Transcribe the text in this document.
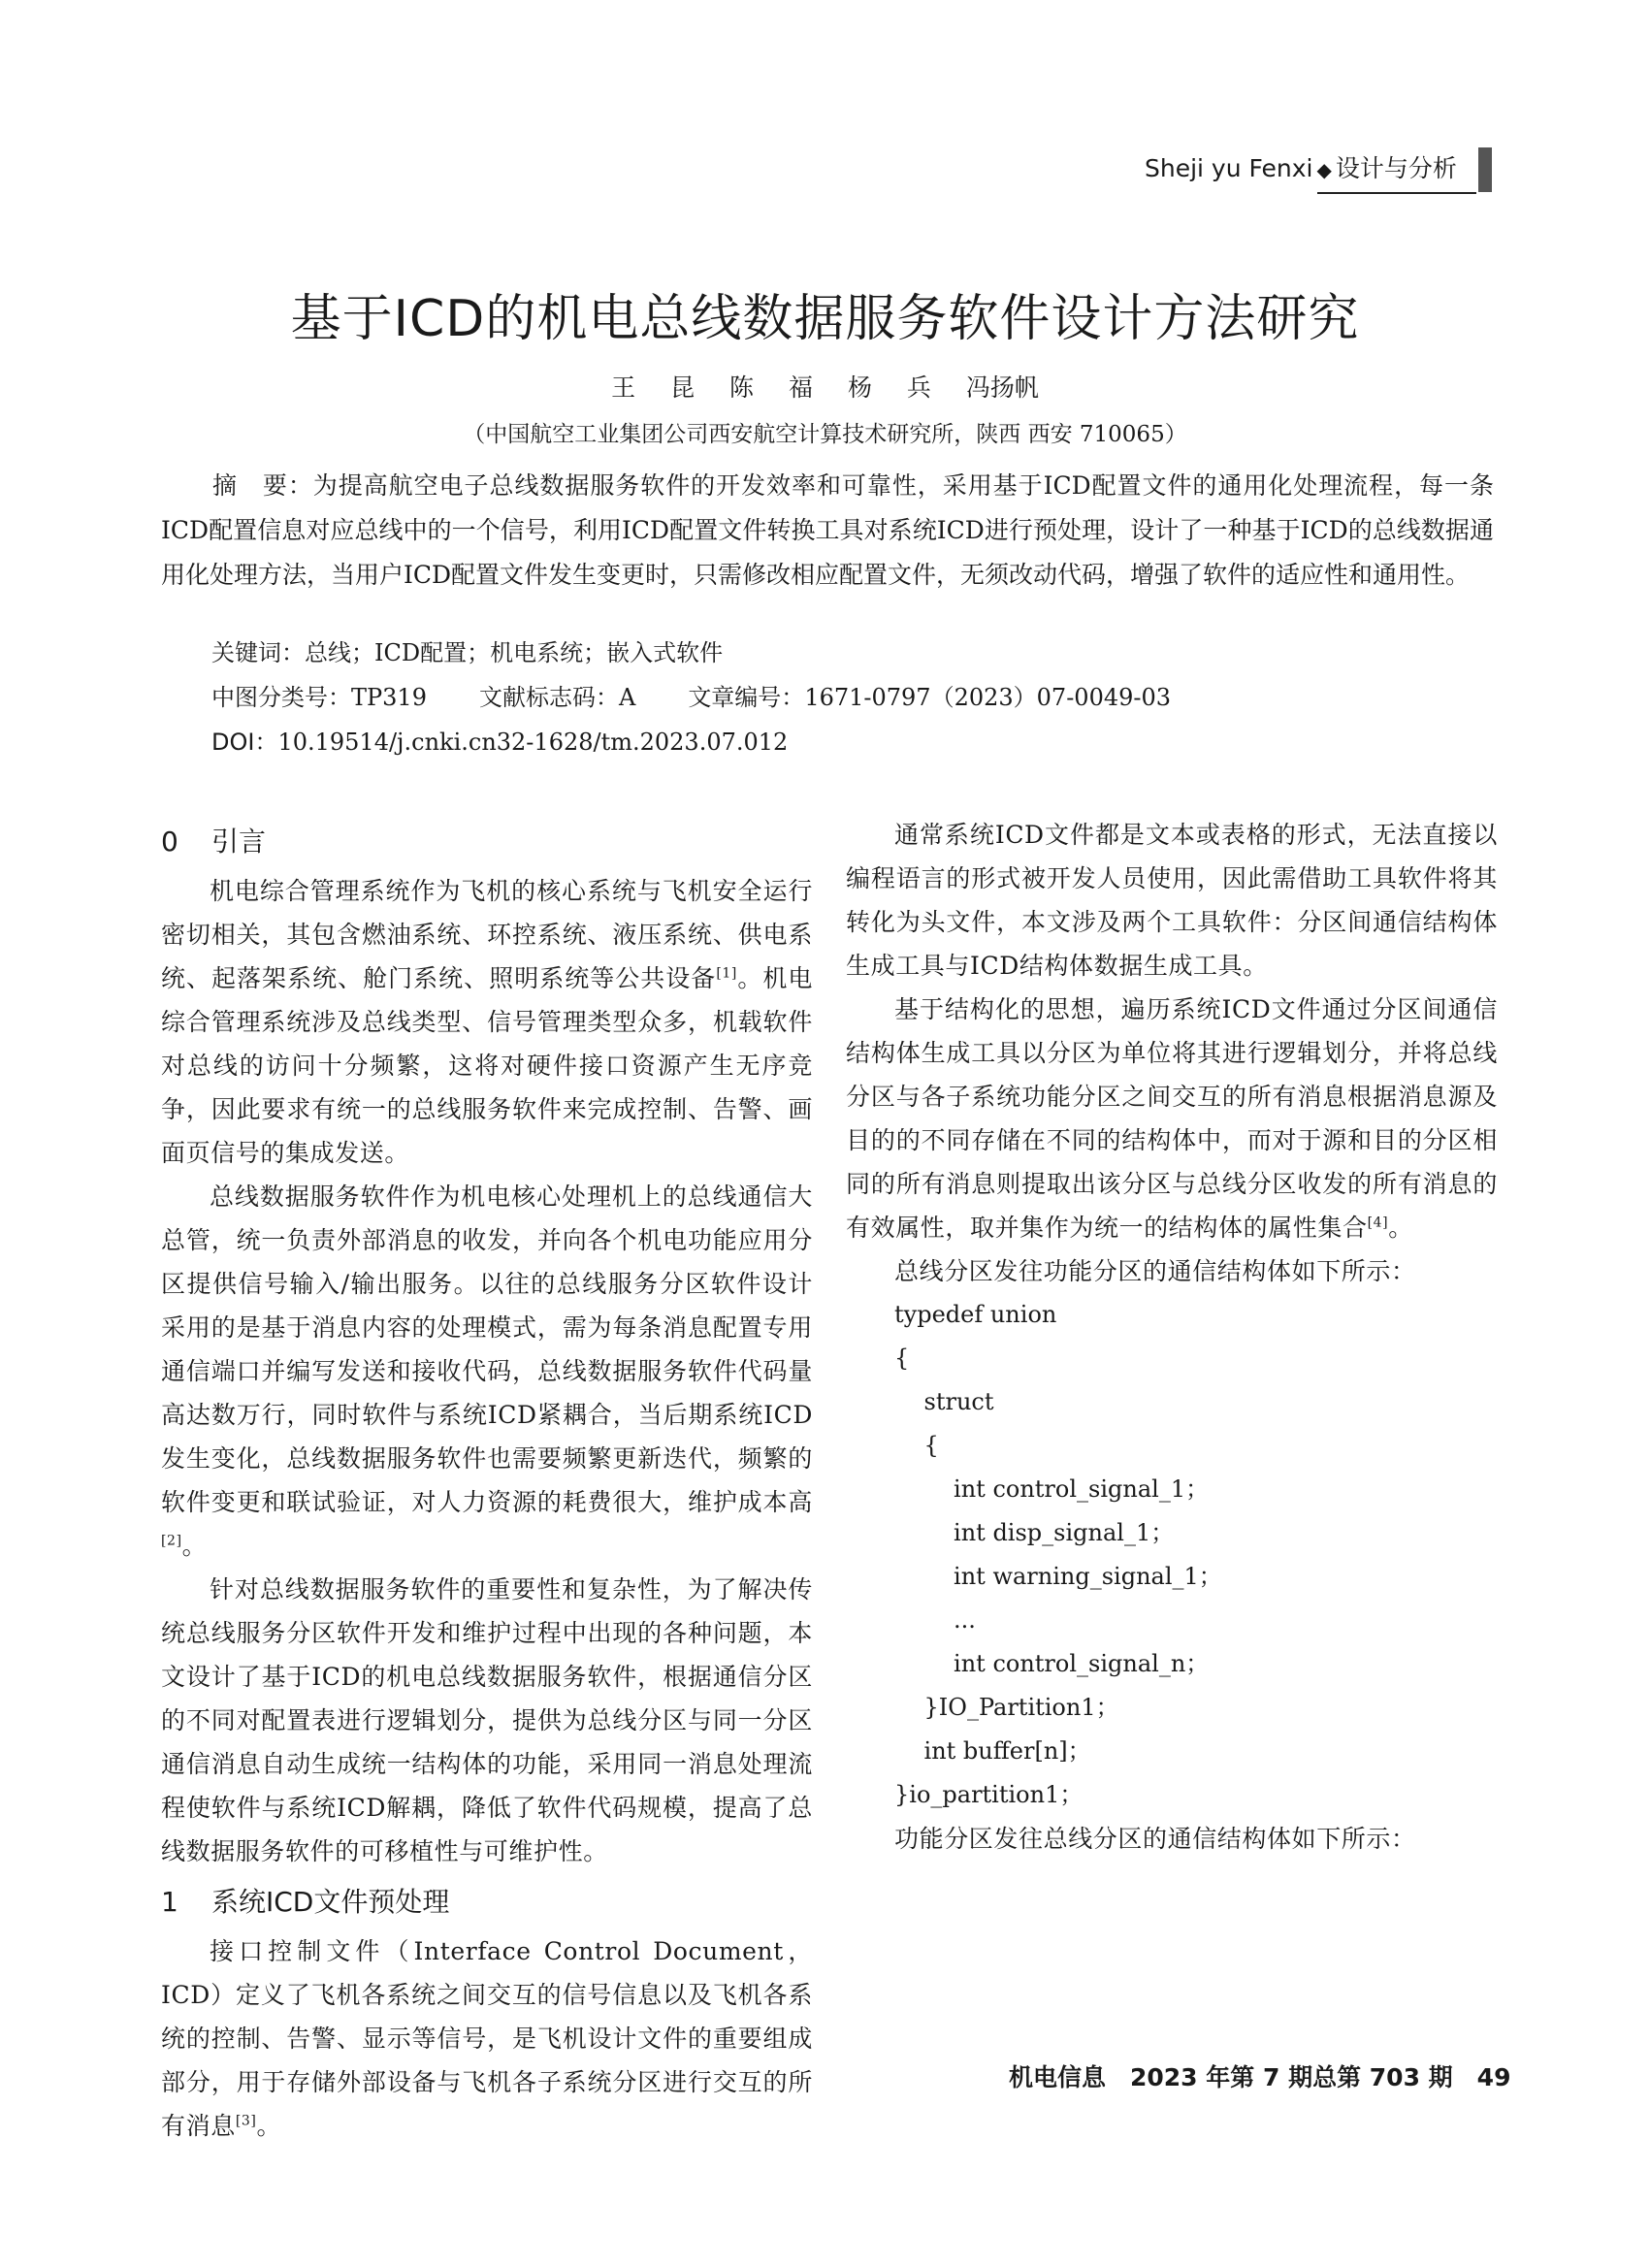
Sheji yu Fenxi ◆ 设计与分析
基于ICD的机电总线数据服务软件设计方法研究
王 昆 陈 福 杨 兵 冯扬帆
（中国航空工业集团公司西安航空计算技术研究所，陕西 西安 710065）
摘　要：为提高航空电子总线数据服务软件的开发效率和可靠性，采用基于ICD配置文件的通用化处理流程，每一条ICD配置信息对应总线中的一个信号，利用ICD配置文件转换工具对系统ICD进行预处理，设计了一种基于ICD的总线数据通用化处理方法，当用户ICD配置文件发生变更时，只需修改相应配置文件，无须改动代码，增强了软件的适应性和通用性。
关键词：总线；ICD配置；机电系统；嵌入式软件
中图分类号：TP319 文献标志码：A 文章编号：1671-0797（2023）07-0049-03
DOI：10.19514/j.cnki.cn32-1628/tm.2023.07.012
0 引言

机电综合管理系统作为飞机的核心系统与飞机安全运行密切相关，其包含燃油系统、环控系统、液压系统、供电系统、起落架系统、舱门系统、照明系统等公共设备[1]。机电综合管理系统涉及总线类型、信号管理类型众多，机载软件对总线的访问十分频繁，这将对硬件接口资源产生无序竞争，因此要求有统一的总线服务软件来完成控制、告警、画面页信号的集成发送。

总线数据服务软件作为机电核心处理机上的总线通信大总管，统一负责外部消息的收发，并向各个机电功能应用分区提供信号输入/输出服务。以往的总线服务分区软件设计采用的是基于消息内容的处理模式，需为每条消息配置专用通信端口并编写发送和接收代码，总线数据服务软件代码量高达数万行，同时软件与系统ICD紧耦合，当后期系统ICD发生变化，总线数据服务软件也需要频繁更新迭代，频繁的软件变更和联试验证，对人力资源的耗费很大，维护成本高[2]。

针对总线数据服务软件的重要性和复杂性，为了解决传统总线服务分区软件开发和维护过程中出现的各种问题，本文设计了基于ICD的机电总线数据服务软件，根据通信分区的不同对配置表进行逻辑划分，提供为总线分区与同一分区通信消息自动生成统一结构体的功能，采用同一消息处理流程使软件与系统ICD解耦，降低了软件代码规模，提高了总线数据服务软件的可移植性与可维护性。

1 系统ICD文件预处理

接口控制文件（Interface Control Document，ICD）定义了飞机各系统之间交互的信号信息以及飞机各系统的控制、告警、显示等信号，是飞机设计文件的重要组成部分，用于存储外部设备与飞机各子系统分区进行交互的所有消息[3]。

通常系统ICD文件都是文本或表格的形式，无法直接以编程语言的形式被开发人员使用，因此需借助工具软件将其转化为头文件，本文涉及两个工具软件：分区间通信结构体生成工具与ICD结构体数据生成工具。

基于结构化的思想，遍历系统ICD文件通过分区间通信结构体生成工具以分区为单位将其进行逻辑划分，并将总线分区与各子系统功能分区之间交互的所有消息根据消息源及目的的不同存储在不同的结构体中，而对于源和目的分区相同的所有消息则提取出该分区与总线分区收发的所有消息的有效属性，取并集作为统一的结构体的属性集合[4]。

总线分区发往功能分区的通信结构体如下所示：

typedef union
{
struct
{
int control_signal_1；
int disp_signal_1；
int warning_signal_1；
...
int control_signal_n；
}IO_Partition1；
int buffer[n]；
}io_partition1；

功能分区发往总线分区的通信结构体如下所示：

机电信息　2023 年第 7 期总第 703 期　49
